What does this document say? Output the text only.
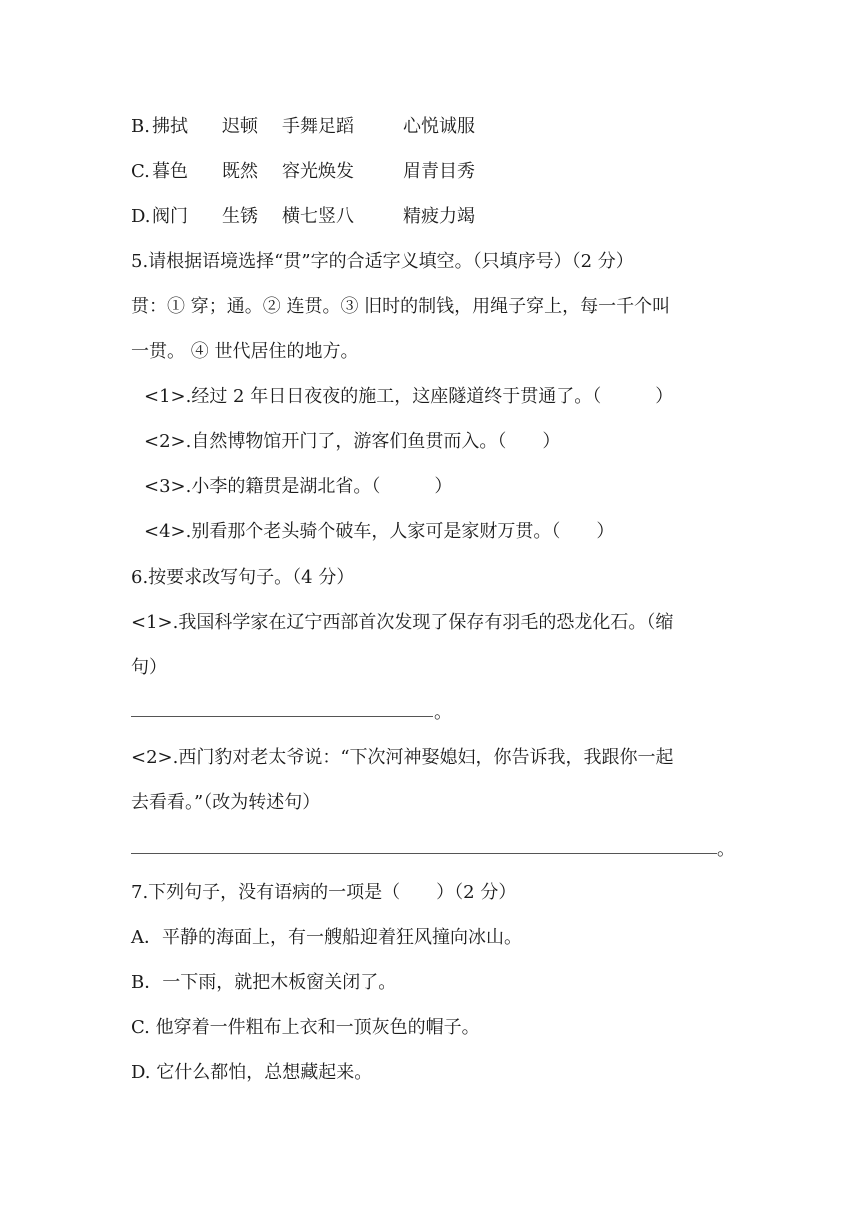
B. 拂拭 迟顿 手舞足蹈	心悦诚服
C. 暮色 既然 容光焕发	眉青目秀
D. 阀门 生锈 横七竖八	精疲力竭
5.请根据语境选择“贯”字的合适字义填空。（只填序号）（2 分）
贯：① 穿；通。② 连贯。③ 旧时的制钱，用绳子穿上，每一千个叫
一贯。 ④ 世代居住的地方。
<1>.经过 2 年日日夜夜的施工，这座隧道终于贯通了。（　　　）
<2>.自然博物馆开门了，游客们鱼贯而入。（　　）
<3>.小李的籍贯是湖北省。（　　　）
<4>.别看那个老头骑个破车，人家可是家财万贯。（　　）
6.按要求改写句子。（4 分）
<1>.我国科学家在辽宁西部首次发现了保存有羽毛的恐龙化石。（缩
句）
。
<2>.西门豹对老太爷说：“下次河神娶媳妇，你告诉我，我跟你一起
去看看。”（改为转述句）
。
7.下列句子，没有语病的一项是（　　）（2 分）
A．平静的海面上，有一艘船迎着狂风撞向冰山。
B．一下雨，就把木板窗关闭了。
C. 他穿着一件粗布上衣和一顶灰色的帽子。
D. 它什么都怕，总想藏起来。
